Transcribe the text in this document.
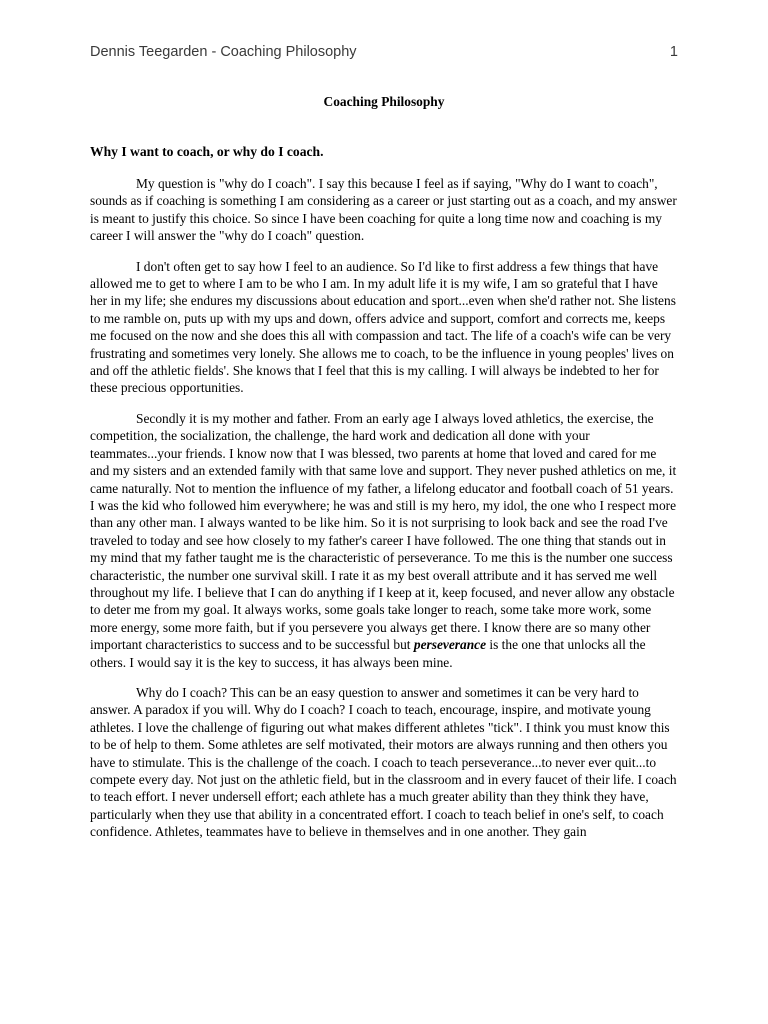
Dennis Teegarden - Coaching Philosophy	1
Coaching Philosophy
Why I want to coach, or why do I coach.

My question is "why do I coach". I say this because I feel as if saying, "Why do I want to coach", sounds as if coaching is something I am considering as a career or just starting out as a coach, and my answer is meant to justify this choice. So since I have been coaching for quite a long time now and coaching is my career I will answer the "why do I coach" question.

I don't often get to say how I feel to an audience. So I'd like to first address a few things that have allowed me to get to where I am to be who I am. In my adult life it is my wife, I am so grateful that I have her in my life; she endures my discussions about education and sport...even when she'd rather not. She listens to me ramble on, puts up with my ups and down, offers advice and support, comfort and corrects me, keeps me focused on the now and she does this all with compassion and tact. The life of a coach's wife can be very frustrating and sometimes very lonely. She allows me to coach, to be the influence in young peoples' lives on and off the athletic fields'. She knows that I feel that this is my calling. I will always be indebted to her for these precious opportunities.

Secondly it is my mother and father. From an early age I always loved athletics, the exercise, the competition, the socialization, the challenge, the hard work and dedication all done with your teammates...your friends. I know now that I was blessed, two parents at home that loved and cared for me and my sisters and an extended family with that same love and support. They never pushed athletics on me, it came naturally. Not to mention the influence of my father, a lifelong educator and football coach of 51 years. I was the kid who followed him everywhere; he was and still is my hero, my idol, the one who I respect more than any other man. I always wanted to be like him. So it is not surprising to look back and see the road I've traveled to today and see how closely to my father's career I have followed. The one thing that stands out in my mind that my father taught me is the characteristic of perseverance. To me this is the number one success characteristic, the number one survival skill. I rate it as my best overall attribute and it has served me well throughout my life. I believe that I can do anything if I keep at it, keep focused, and never allow any obstacle to deter me from my goal. It always works, some goals take longer to reach, some take more work, some more energy, some more faith, but if you persevere you always get there. I know there are so many other important characteristics to success and to be successful but perseverance is the one that unlocks all the others. I would say it is the key to success, it has always been mine.

Why do I coach? This can be an easy question to answer and sometimes it can be very hard to answer. A paradox if you will. Why do I coach? I coach to teach, encourage, inspire, and motivate young athletes. I love the challenge of figuring out what makes different athletes "tick". I think you must know this to be of help to them. Some athletes are self motivated, their motors are always running and then others you have to stimulate. This is the challenge of the coach. I coach to teach perseverance...to never ever quit...to compete every day. Not just on the athletic field, but in the classroom and in every faucet of their life. I coach to teach effort. I never undersell effort; each athlete has a much greater ability than they think they have, particularly when they use that ability in a concentrated effort. I coach to teach belief in one's self, to coach confidence. Athletes, teammates have to believe in themselves and in one another. They gain
